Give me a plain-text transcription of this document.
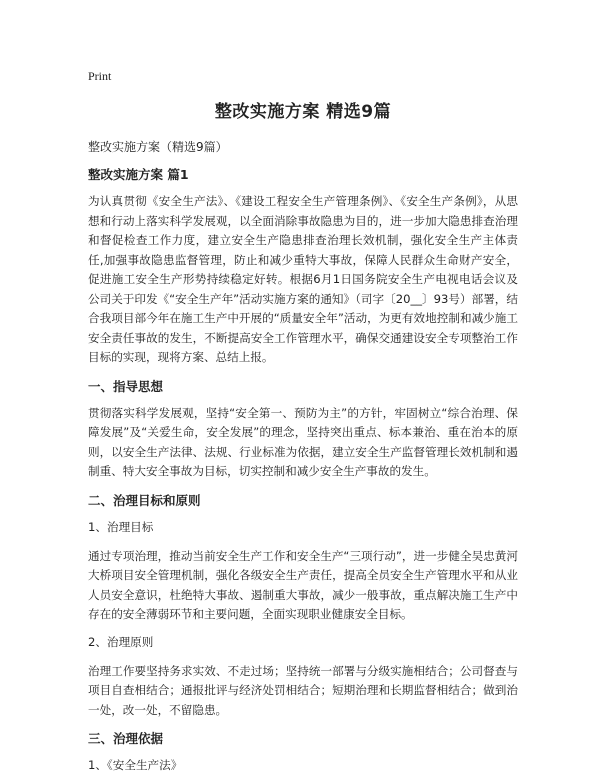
Print
整改实施方案 精选9篇
整改实施方案（精选9篇）
整改实施方案 篇1

为认真贯彻《安全生产法》、《建设工程安全生产管理条例》、《安全生产条例》，从思想和行动上落实科学发展观，以全面消除事故隐患为目的，进一步加大隐患排查治理和督促检查工作力度，建立安全生产隐患排查治理长效机制，强化安全生产主体责任,加强事故隐患监督管理，防止和减少重特大事故，保障人民群众生命财产安全，促进施工安全生产形势持续稳定好转。根据6月1日国务院安全生产电视电话会议及公司关于印发《“安全生产年”活动实施方案的通知》（司字〔20__〕93号）部署，结合我项目部今年在施工生产中开展的“质量安全年”活动，为更有效地控制和减少施工安全责任事故的发生，不断提高安全工作管理水平，确保交通建设安全专项整治工作目标的实现，现将方案、总结上报。

一、指导思想

贯彻落实科学发展观，坚持“安全第一、预防为主”的方针，牢固树立“综合治理、保障发展”及“关爱生命，安全发展”的理念，坚持突出重点、标本兼治、重在治本的原则，以安全生产法律、法规、行业标准为依据，建立安全生产监督管理长效机制和遏制重、特大安全事故为目标，切实控制和减少安全生产事故的发生。

二、治理目标和原则
1、治理目标

通过专项治理，推动当前安全生产工作和安全生产“三项行动”，进一步健全吴忠黄河大桥项目安全管理机制，强化各级安全生产责任，提高全员安全生产管理水平和从业人员安全意识，杜绝特大事故、遏制重大事故，减少一般事故，重点解决施工生产中存在的安全薄弱环节和主要问题，全面实现职业健康安全目标。

2、治理原则

治理工作要坚持务求实效、不走过场；坚持统一部署与分级实施相结合；公司督查与项目自查相结合；通报批评与经济处罚相结合；短期治理和长期监督相结合；做到治一处，改一处，不留隐患。

三、治理依据
1、《安全生产法》
